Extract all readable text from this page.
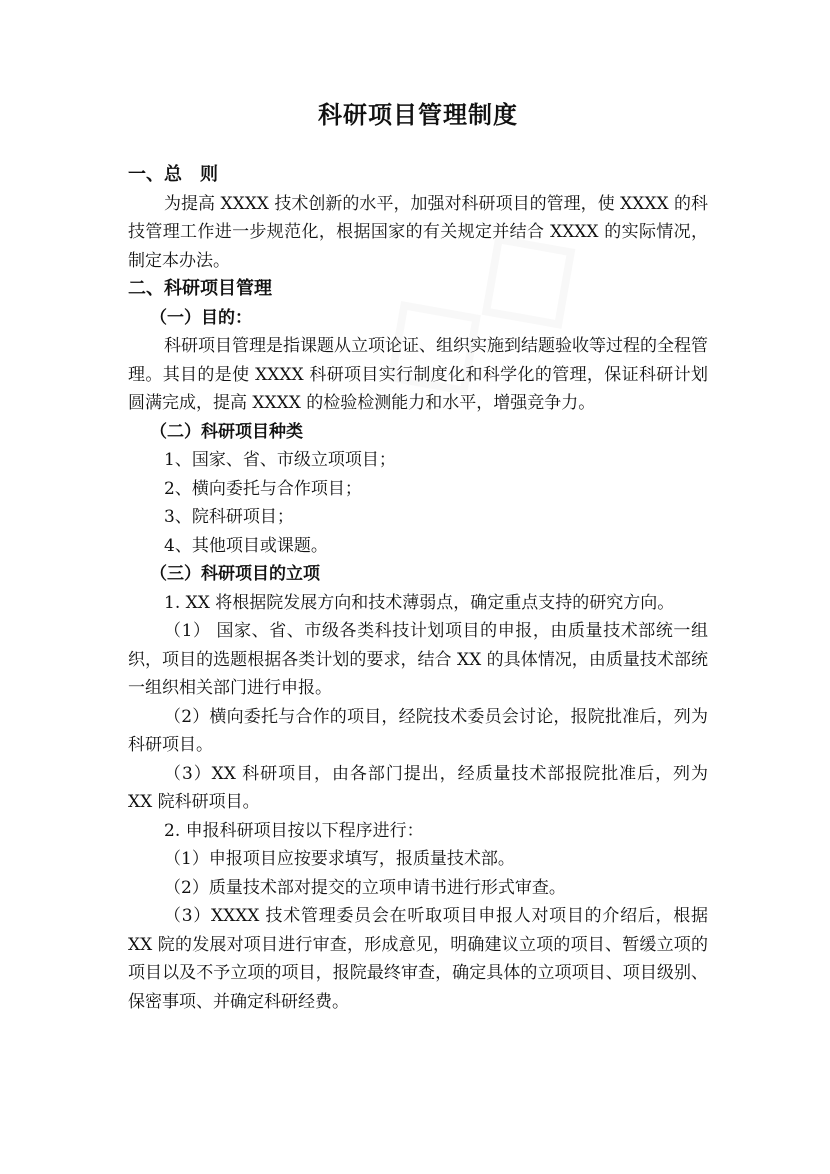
科研项目管理制度
一、总　则

为提高 XXXX 技术创新的水平，加强对科研项目的管理，使 XXXX 的科技管理工作进一步规范化，根据国家的有关规定并结合 XXXX 的实际情况，制定本办法。

二、科研项目管理
（一）目的：

科研项目管理是指课题从立项论证、组织实施到结题验收等过程的全程管理。其目的是使 XXXX 科研项目实行制度化和科学化的管理，保证科研计划圆满完成，提高 XXXX 的检验检测能力和水平，增强竞争力。

（二）科研项目种类
1、国家、省、市级立项项目；
2、横向委托与合作项目；
3、院科研项目；
4、其他项目或课题。
（三）科研项目的立项

1. XX 将根据院发展方向和技术薄弱点，确定重点支持的研究方向。

（1） 国家、省、市级各类科技计划项目的申报，由质量技术部统一组织，项目的选题根据各类计划的要求，结合 XX 的具体情况，由质量技术部统一组织相关部门进行申报。

（2）横向委托与合作的项目，经院技术委员会讨论，报院批准后，列为科研项目。

（3）XX 科研项目，由各部门提出，经质量技术部报院批准后，列为 XX 院科研项目。

2. 申报科研项目按以下程序进行：

（1）申报项目应按要求填写，报质量技术部。

（2）质量技术部对提交的立项申请书进行形式审查。

（3）XXXX 技术管理委员会在听取项目申报人对项目的介绍后，根据 XX 院的发展对项目进行审查，形成意见，明确建议立项的项目、暂缓立项的项目以及不予立项的项目，报院最终审查，确定具体的立项项目、项目级别、保密事项、并确定科研经费。
